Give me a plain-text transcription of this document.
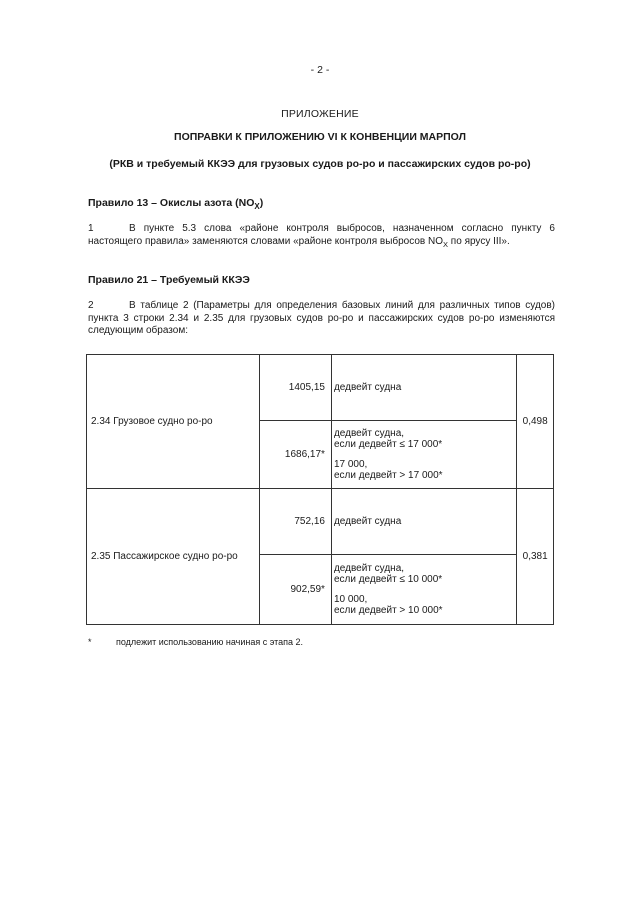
- 2 -
ПРИЛОЖЕНИЕ
ПОПРАВКИ К ПРИЛОЖЕНИЮ VI К КОНВЕНЦИИ МАРПОЛ
(РКВ и требуемый ККЭЭ для грузовых судов ро-ро и пассажирских судов ро-ро)
Правило 13 – Окислы азота $(NO_X)$
1	В пункте 5.3 слова «районе контроля выбросов, назначенном согласно пункту 6 настоящего правила» заменяются словами «районе контроля выбросов $NO_X$ по ярусу III».
Правило 21 – Требуемый ККЭЭ
2	В таблице 2 (Параметры для определения базовых линий для различных типов судов) пункта 3 строки 2.34 и 2.35 для грузовых судов ро-ро и пассажирских судов ро-ро изменяются следующим образом:
2.34 Грузовое судно ро-ро	1405,15	дедвейт судна	0,498
	1686,17*	дедвейт судна,
если дедвейт ≤ 17 000*
17 000,
если дедвейт > 17 000*	

2.35 Пассажирское судно ро-ро	752,16	дедвейт судна	0,381
	902,59*	дедвейт судна,
если дедвейт ≤ 10 000*
10 000,
если дедвейт > 10 000*	
*	подлежит использованию начиная с этапа 2.
